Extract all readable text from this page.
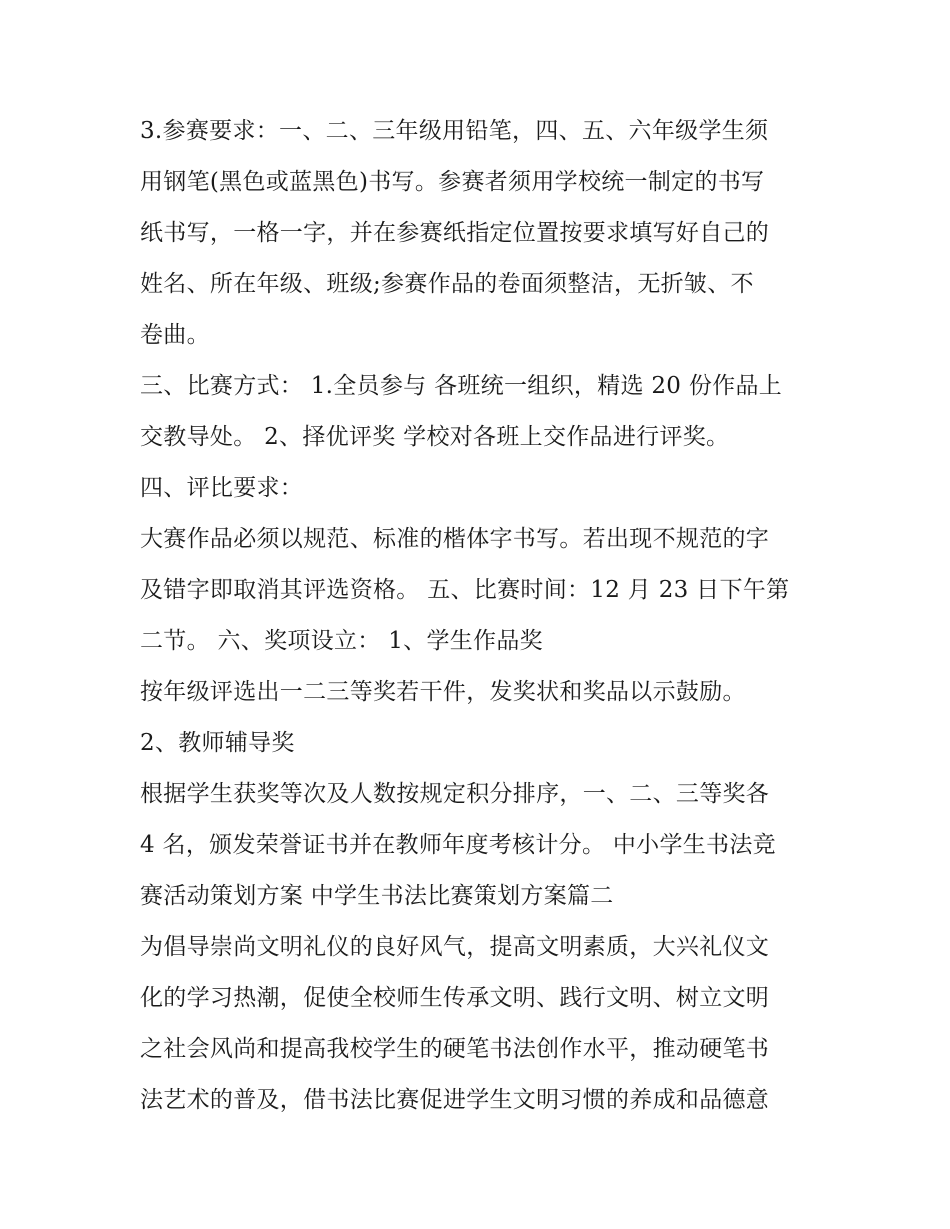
3.参赛要求：一、二、三年级用铅笔，四、五、六年级学生须
用钢笔(黑色或蓝黑色)书写。参赛者须用学校统一制定的书写
纸书写，一格一字，并在参赛纸指定位置按要求填写好自己的
姓名、所在年级、班级;参赛作品的卷面须整洁，无折皱、不
卷曲。
三、比赛方式： 1.全员参与 各班统一组织，精选 20 份作品上
交教导处。 2、择优评奖 学校对各班上交作品进行评奖。
四、评比要求：
大赛作品必须以规范、标准的楷体字书写。若出现不规范的字
及错字即取消其评选资格。 五、比赛时间：12 月 23 日下午第
二节。 六、奖项设立： 1、学生作品奖
按年级评选出一二三等奖若干件，发奖状和奖品以示鼓励。
2、教师辅导奖
根据学生获奖等次及人数按规定积分排序，一、二、三等奖各
4 名，颁发荣誉证书并在教师年度考核计分。 中小学生书法竞
赛活动策划方案 中学生书法比赛策划方案篇二
为倡导崇尚文明礼仪的良好风气，提高文明素质，大兴礼仪文
化的学习热潮，促使全校师生传承文明、践行文明、树立文明
之社会风尚和提高我校学生的硬笔书法创作水平，推动硬笔书
法艺术的普及，借书法比赛促进学生文明习惯的养成和品德意
